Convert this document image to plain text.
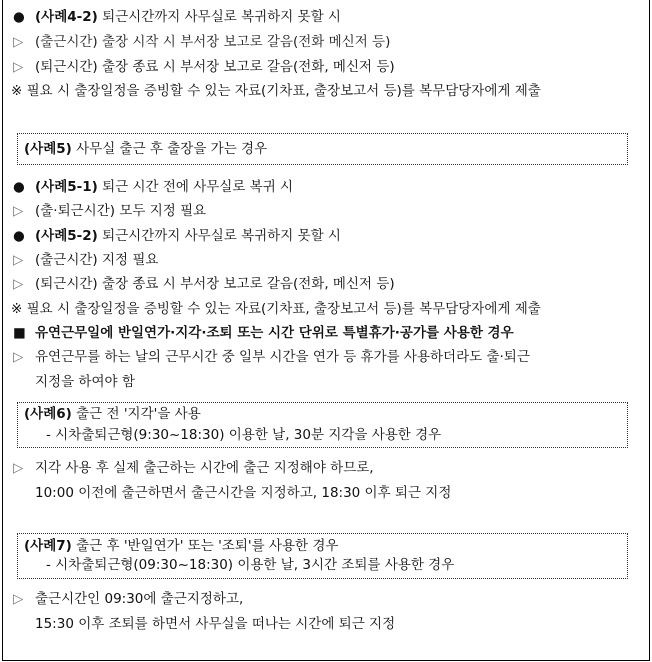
● (사례4-2) 퇴근시간까지 사무실로 복귀하지 못할 시
▷ (출근시간) 출장 시작 시 부서장 보고로 갈음(전화 메신저 등)
▷ (퇴근시간) 출장 종료 시 부서장 보고로 갈음(전화, 메신저 등)
※ 필요 시 출장일정을 증빙할 수 있는 자료(기차표, 출장보고서 등)를 복무담당자에게 제출
(사례5) 사무실 출근 후 출장을 가는 경우
● (사례5-1) 퇴근 시간 전에 사무실로 복귀 시
▷ (출·퇴근시간) 모두 지정 필요
● (사례5-2) 퇴근시간까지 사무실로 복귀하지 못할 시
▷ (출근시간) 지정 필요
▷ (퇴근시간) 출장 종료 시 부서장 보고로 갈음(전화, 메신저 등)
※ 필요 시 출장일정을 증빙할 수 있는 자료(기차표, 출장보고서 등)를 복무담당자에게 제출
■ 유연근무일에 반일연가·지각·조퇴 또는 시간 단위로 특별휴가·공가를 사용한 경우
▷ 유연근무를 하는 날의 근무시간 중 일부 시간을 연가 등 휴가를 사용하더라도 출·퇴근
지정을 하여야 함
(사례6) 출근 전 '지각'을 사용
- 시차출퇴근형(9:30~18:30) 이용한 날, 30분 지각을 사용한 경우
▷ 지각 사용 후 실제 출근하는 시간에 출근 지정해야 하므로,
10:00 이전에 출근하면서 출근시간을 지정하고, 18:30 이후 퇴근 지정
(사례7) 출근 후 '반일연가' 또는 '조퇴'를 사용한 경우
- 시차출퇴근형(09:30~18:30) 이용한 날, 3시간 조퇴를 사용한 경우
▷ 출근시간인 09:30에 출근지정하고,
15:30 이후 조퇴를 하면서 사무실을 떠나는 시간에 퇴근 지정
